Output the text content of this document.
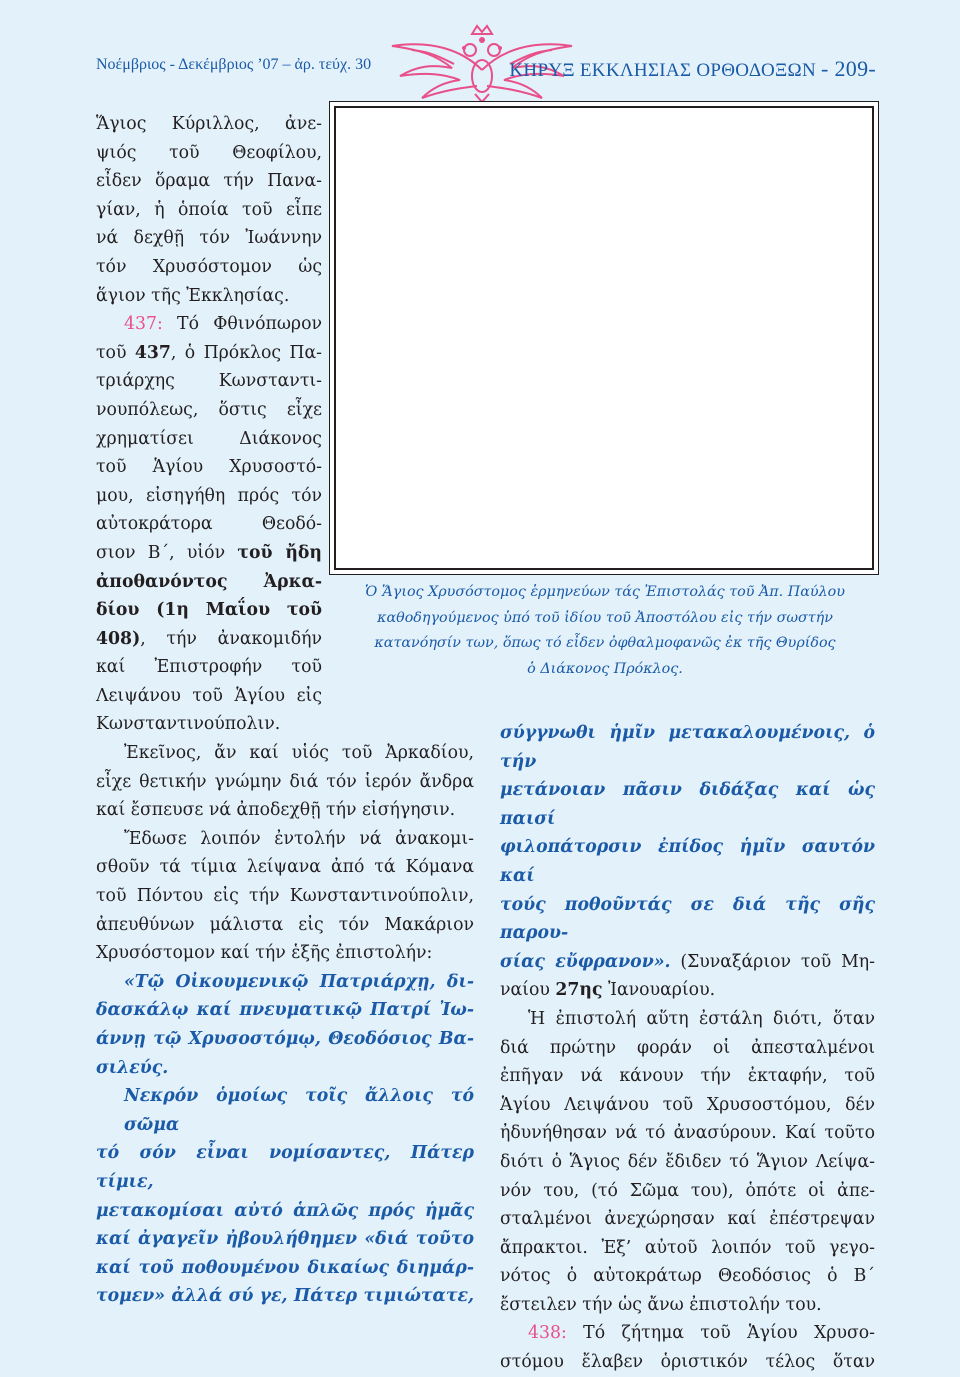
Νοέμβριος - Δεκέμβριος ’07 – ἀρ. τεύχ. 30	ΚΗΡΥΞ ΕΚΚΛΗΣΙΑΣ ΟΡΘΟΔΟΞΩΝ - 209-

Ἅγιος Κύριλλος, ἀνε-

ψιός τοῦ Θεοφίλου,

εἶδεν ὅραμα τήν Πανα-

γίαν, ἡ ὁποία τοῦ εἶπε

νά δεχθῇ τόν Ἰωάννην

τόν Χρυσόστομον ὡς

ἅγιον τῆς Ἐκκλησίας.

437: Τό Φθινόπωρον

τοῦ 437, ὁ Πρόκλος Πα-

τριάρχης Κωνσταντι-

νουπόλεως, ὅστις εἶχε

χρηματίσει Διάκονος

τοῦ Ἁγίου Χρυσοστό-

μου, εἰσηγήθη πρός τόν

αὐτοκράτορα Θεοδό-

σιον Β΄, υἱόν τοῦ ἤδη

ἀποθανόντος Ἀρκα-

δίου (1η Μαΐου τοῦ

408), τήν ἀνακομιδήν

καί Ἐπιστροφήν τοῦ

Λειψάνου τοῦ Ἁγίου εἰς

Κωνσταντινούπολιν.

Ὁ Ἅγιος Χρυσόστομος ἑρμηνεύων τάς Ἐπιστολάς τοῦ Ἀπ. Παύλου
καθοδηγούμενος ὑπό τοῦ ἰδίου τοῦ Ἀποστόλου εἰς τήν σωστήν
κατανόησίν των, ὅπως τό εἶδεν ὀφθαλμοφανῶς ἐκ τῆς Θυρίδος
ὁ Διάκονος Πρόκλος.

Ἐκεῖνος, ἄν καί υἱός τοῦ Ἀρκαδίου,

εἶχε θετικήν γνώμην διά τόν ἱερόν ἄνδρα

καί ἔσπευσε νά ἀποδεχθῇ τήν εἰσήγησιν.

Ἔδωσε λοιπόν ἐντολήν νά ἀνακομι-

σθοῦν τά τίμια λείψανα ἀπό τά Κόμανα

τοῦ Πόντου εἰς τήν Κωνσταντινούπολιν,

ἀπευθύνων μάλιστα εἰς τόν Μακάριον

Χρυσόστομον καί τήν ἑξῆς ἐπιστολήν:

«Τῷ Οἰκουμενικῷ Πατριάρχῃ, δι-

δασκάλῳ καί πνευματικῷ Πατρί Ἰω-

άννῃ τῷ Χρυσοστόμῳ, Θεοδόσιος Βα-

σιλεύς.

Νεκρόν ὁμοίως τοῖς ἄλλοις τό σῶμα

τό σόν εἶναι νομίσαντες, Πάτερ τίμιε,

μετακομίσαι αὐτό ἁπλῶς πρός ἡμᾶς

καί ἀγαγεῖν ἠβουλήθημεν «διά τοῦτο

καί τοῦ ποθουμένου δικαίως διημάρ-

τομεν» ἀλλά σύ γε, Πάτερ τιμιώτατε,

σύγγνωθι ἡμῖν μετακαλουμένοις, ὁ τήν

μετάνοιαν πᾶσιν διδάξας καί ὡς παισί

φιλοπάτορσιν ἐπίδος ἡμῖν σαυτόν καί

τούς ποθοῦντάς σε διά τῆς σῆς παρου-

σίας εὔφρανον». (Συναξάριον τοῦ Μη-

ναίου 27ης Ἰανουαρίου.

Ἡ ἐπιστολή αὕτη ἐστάλη διότι, ὅταν

διά πρώτην φοράν οἱ ἀπεσταλμένοι

ἐπῆγαν νά κάνουν τήν ἐκταφήν, τοῦ

Ἁγίου Λειψάνου τοῦ Χρυσοστόμου, δέν

ἠδυνήθησαν νά τό ἀνασύρουν. Καί τοῦτο

διότι ὁ Ἅγιος δέν ἔδιδεν τό Ἅγιον Λείψα-

νόν του, (τό Σῶμα του), ὁπότε οἱ ἀπε-

σταλμένοι ἀνεχώρησαν καί ἐπέστρεψαν

ἄπρακτοι. Ἐξ’ αὐτοῦ λοιπόν τοῦ γεγο-

νότος ὁ αὐτοκράτωρ Θεοδόσιος ὁ Β΄

ἔστειλεν τήν ὡς ἄνω ἐπιστολήν του.

438: Τό ζήτημα τοῦ Ἁγίου Χρυσο-

στόμου ἔλαβεν ὁριστικόν τέλος ὅταν
